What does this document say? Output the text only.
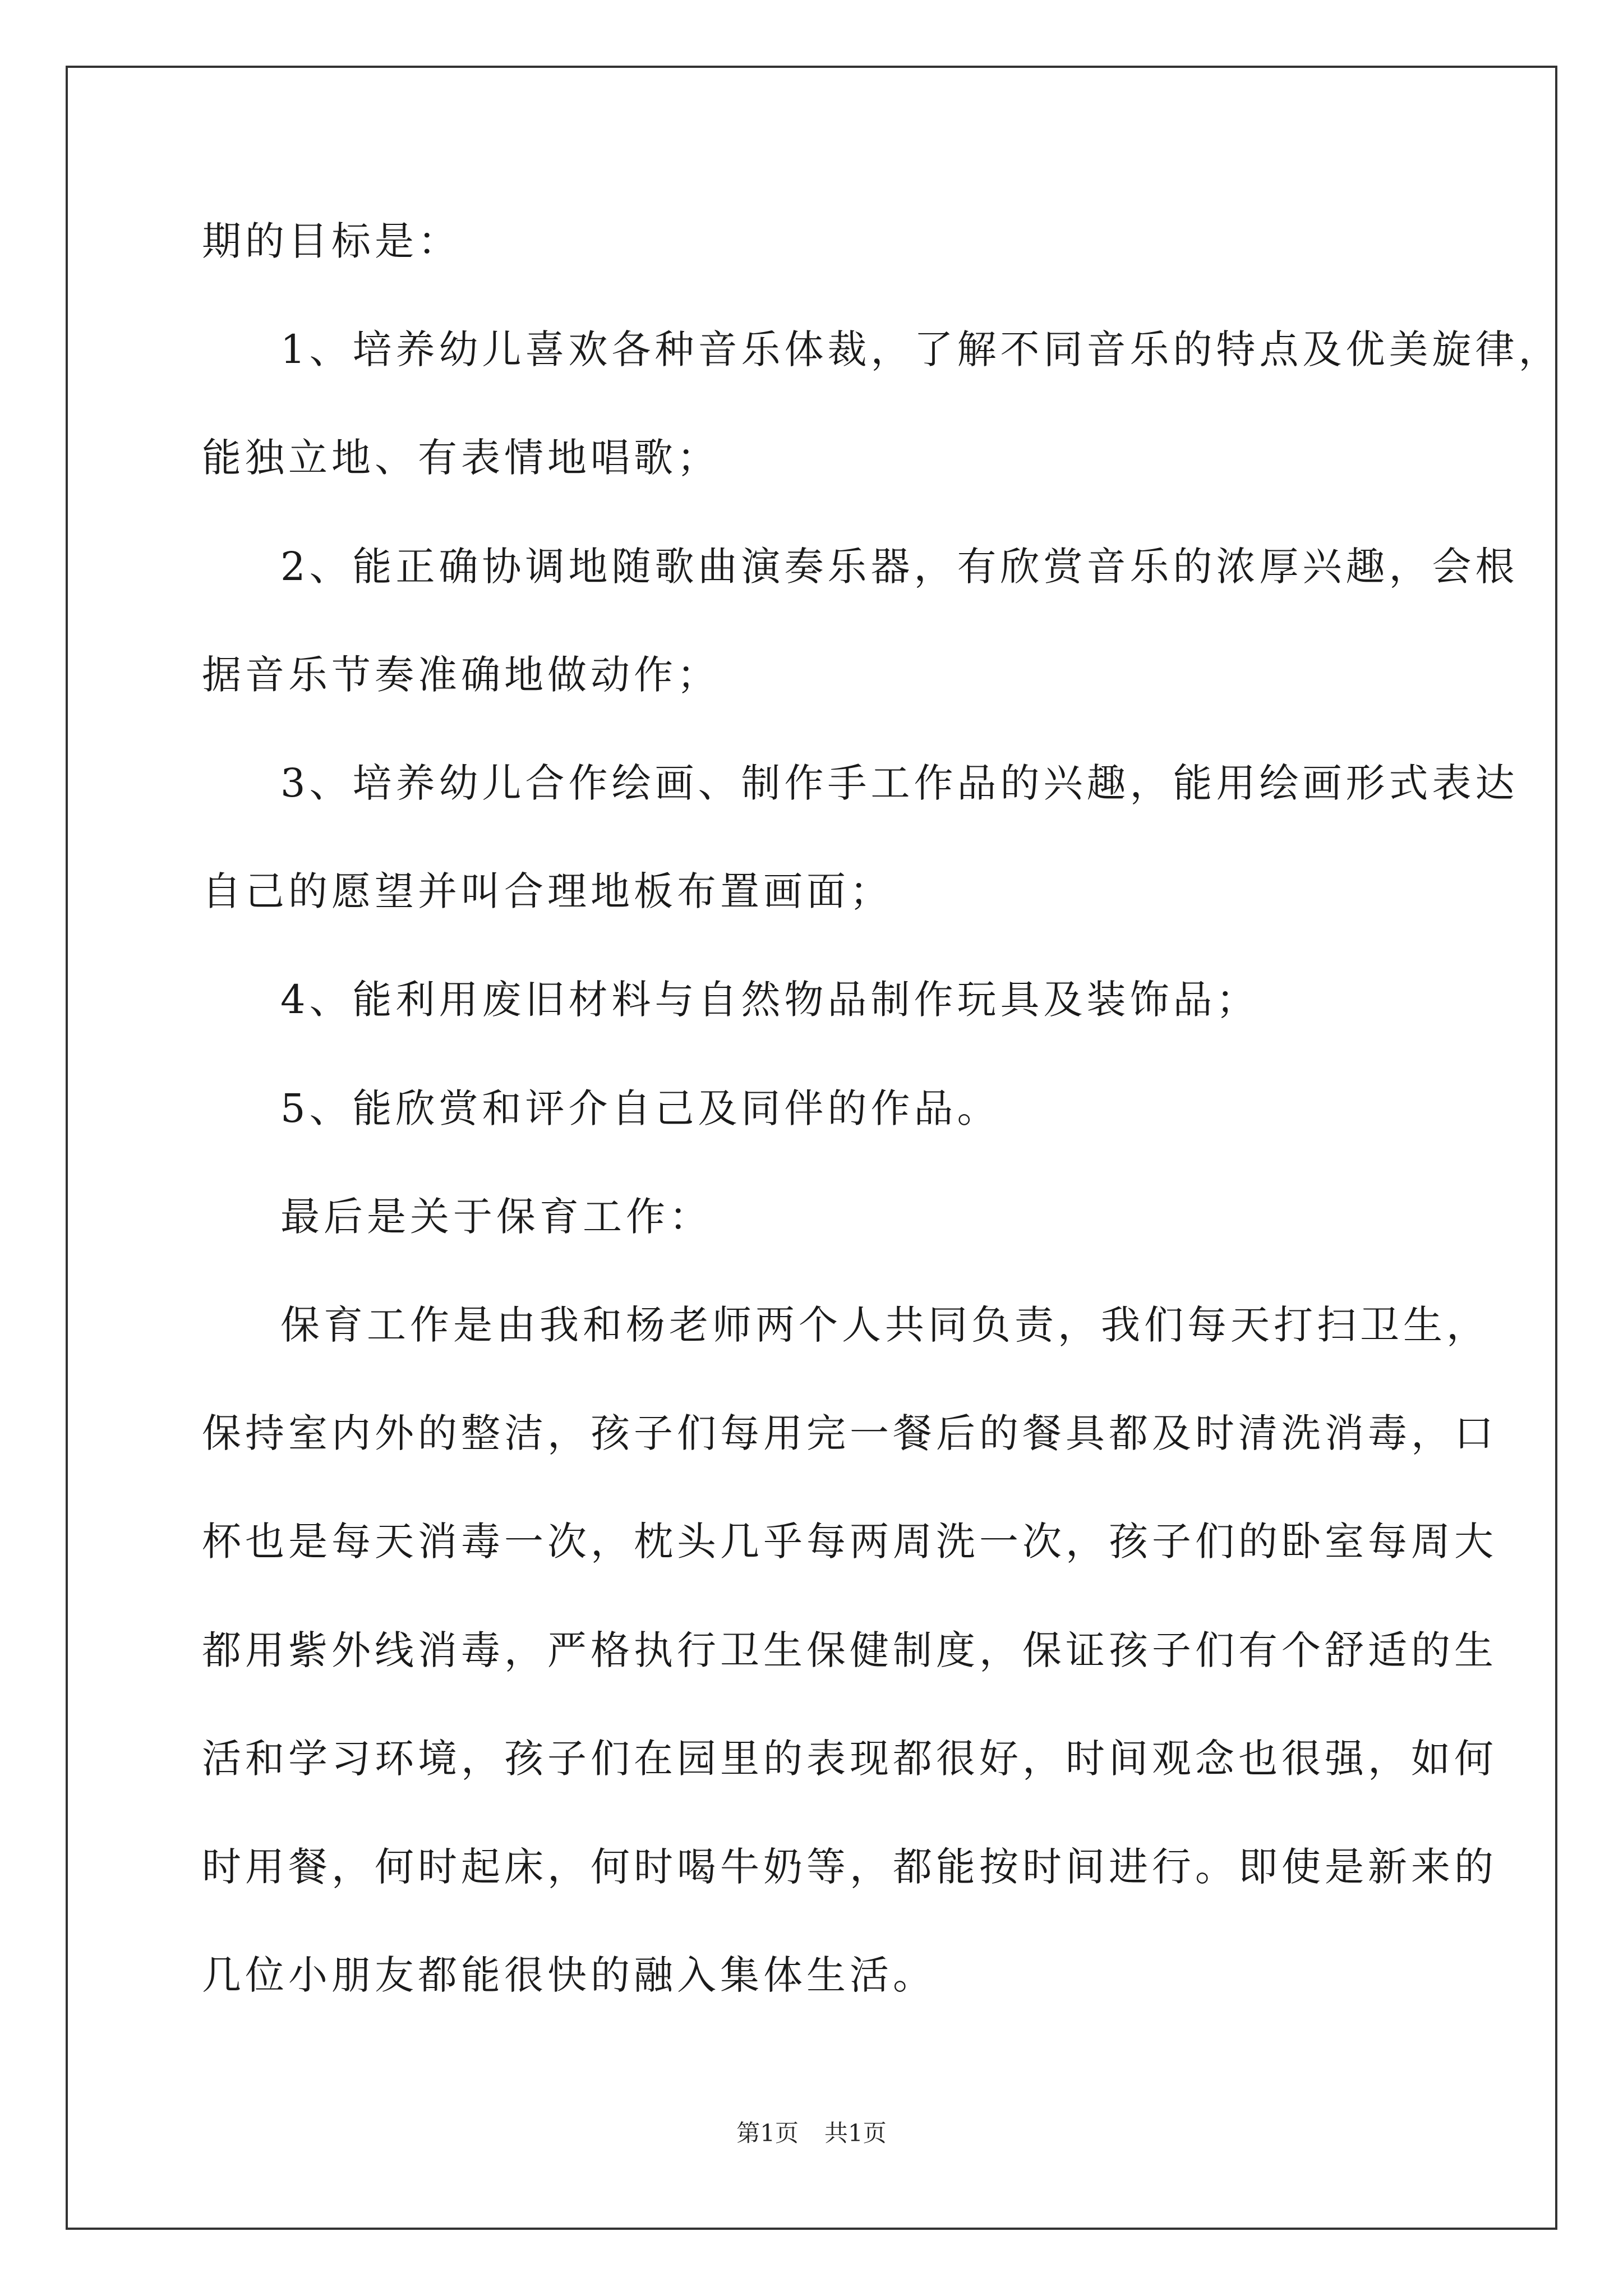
期的目标是：
1、培养幼儿喜欢各种音乐体裁，了解不同音乐的特点及优美旋律，
能独立地、有表情地唱歌；
2、能正确协调地随歌曲演奏乐器，有欣赏音乐的浓厚兴趣，会根
据音乐节奏准确地做动作；
3、培养幼儿合作绘画、制作手工作品的兴趣，能用绘画形式表达
自己的愿望并叫合理地板布置画面；
4、能利用废旧材料与自然物品制作玩具及装饰品；
5、能欣赏和评介自己及同伴的作品。
最后是关于保育工作：
保育工作是由我和杨老师两个人共同负责，我们每天打扫卫生，
保持室内外的整洁，孩子们每用完一餐后的餐具都及时清洗消毒，口
杯也是每天消毒一次，枕头几乎每两周洗一次，孩子们的卧室每周大
都用紫外线消毒，严格执行卫生保健制度，保证孩子们有个舒适的生
活和学习环境，孩子们在园里的表现都很好，时间观念也很强，如何
时用餐，何时起床，何时喝牛奶等，都能按时间进行。即使是新来的
几位小朋友都能很快的融入集体生活。
第1页 共1页
